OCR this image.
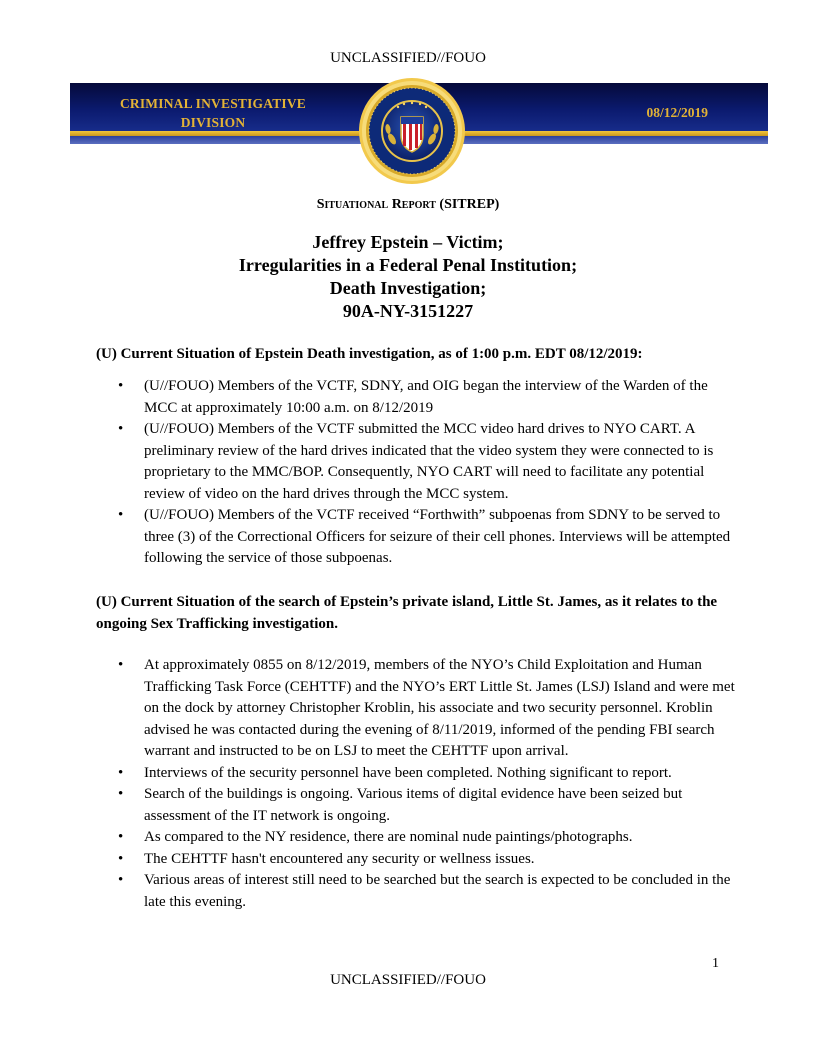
UNCLASSIFIED//FOUO
CRIMINAL INVESTIGATIVE
DIVISION
08/12/2019
Situational Report (SITREP)
Jeffrey Epstein – Victim;
Irregularities in a Federal Penal Institution;
Death Investigation;
90A-NY-3151227
(U) Current Situation of Epstein Death investigation, as of 1:00 p.m. EDT 08/12/2019:
• (U//FOUO) Members of the VCTF, SDNY, and OIG began the interview of the Warden of the MCC at approximately 10:00 a.m. on 8/12/2019
• (U//FOUO) Members of the VCTF submitted the MCC video hard drives to NYO CART. A preliminary review of the hard drives indicated that the video system they were connected to is proprietary to the MMC/BOP. Consequently, NYO CART will need to facilitate any potential review of video on the hard drives through the MCC system.
• (U//FOUO) Members of the VCTF received “Forthwith” subpoenas from SDNY to be served to three (3) of the Correctional Officers for seizure of their cell phones. Interviews will be attempted following the service of those subpoenas.
(U) Current Situation of the search of Epstein’s private island, Little St. James, as it relates to the ongoing Sex Trafficking investigation.
• At approximately 0855 on 8/12/2019, members of the NYO’s Child Exploitation and Human Trafficking Task Force (CEHTTF) and the NYO’s ERT Little St. James (LSJ) Island and were met on the dock by attorney Christopher Kroblin, his associate and two security personnel. Kroblin advised he was contacted during the evening of 8/11/2019, informed of the pending FBI search warrant and instructed to be on LSJ to meet the CEHTTF upon arrival.
• Interviews of the security personnel have been completed. Nothing significant to report.
• Search of the buildings is ongoing. Various items of digital evidence have been seized but assessment of the IT network is ongoing.
• As compared to the NY residence, there are nominal nude paintings/photographs.
• The CEHTTF hasn't encountered any security or wellness issues.
• Various areas of interest still need to be searched but the search is expected to be concluded in the late this evening.
1
UNCLASSIFIED//FOUO
